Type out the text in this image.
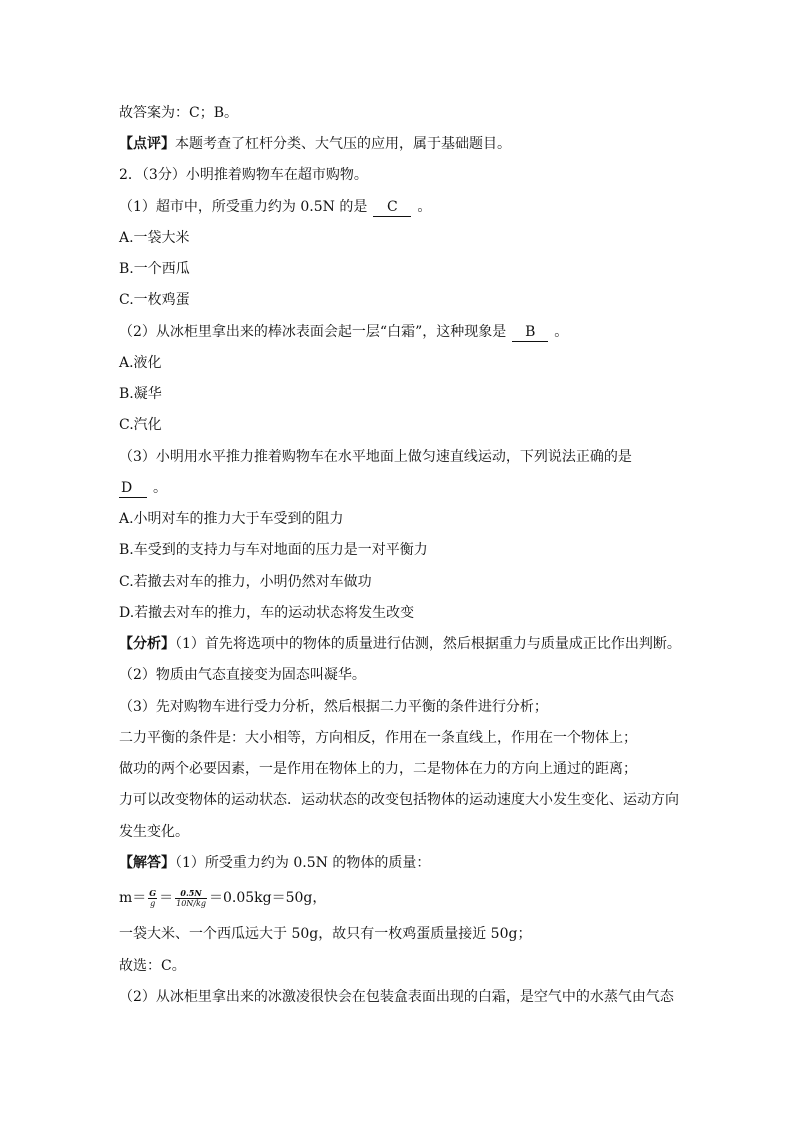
故答案为：C；B。
【点评】本题考查了杠杆分类、大气压的应用，属于基础题目。
2．（3分）小明推着购物车在超市购物。
（1）超市中，所受重力约为 0.5N 的是 C 。
A.一袋大米
B.一个西瓜
C.一枚鸡蛋
（2）从冰柜里拿出来的棒冰表面会起一层“白霜”，这种现象是 B 。
A.液化
B.凝华
C.汽化
（3）小明用水平推力推着购物车在水平地面上做匀速直线运动，下列说法正确的是
D 。
A.小明对车的推力大于车受到的阻力
B.车受到的支持力与车对地面的压力是一对平衡力
C.若撤去对车的推力，小明仍然对车做功
D.若撤去对车的推力，车的运动状态将发生改变
【分析】（1）首先将选项中的物体的质量进行估测，然后根据重力与质量成正比作出判断。
（2）物质由气态直接变为固态叫凝华。
（3）先对购物车进行受力分析，然后根据二力平衡的条件进行分析；
二力平衡的条件是：大小相等，方向相反，作用在一条直线上，作用在一个物体上；
做功的两个必要因素，一是作用在物体上的力，二是物体在力的方向上通过的距离；
力可以改变物体的运动状态．运动状态的改变包括物体的运动速度大小发生变化、运动方向
发生变化。
【解答】（1）所受重力约为 0.5N 的物体的质量：
$m= \frac{G}{g} = \frac{0.5N}{10N/kg} =0.05kg=50g$，
一袋大米、一个西瓜远大于 50g，故只有一枚鸡蛋质量接近 50g；
故选：C。
（2）从冰柜里拿出来的冰激凌很快会在包装盒表面出现的白霜，是空气中的水蒸气由气态
